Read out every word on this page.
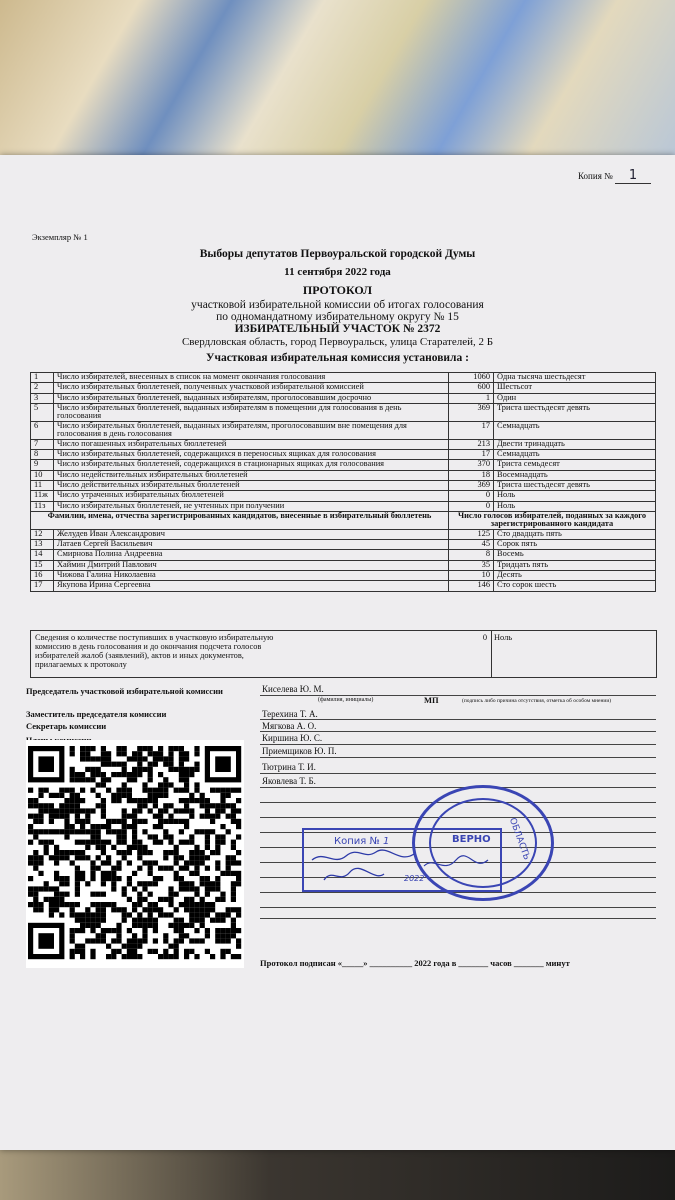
Копия № 1
Экземпляр № 1
Выборы депутатов Первоуральской городской Думы
11 сентября 2022 года
ПРОТОКОЛ
участковой избирательной комиссии об итогах голосования
по одномандатному избирательному округу № 15
ИЗБИРАТЕЛЬНЫЙ УЧАСТОК № 2372
Свердловская область, город Первоуральск, улица Старателей, 2 Б
Участковая избирательная комиссия установила :
1	Число избирателей, внесенных в список на момент окончания голосования	1060	Одна тысяча шестьдесят
2	Число избирательных бюллетеней, полученных участковой избирательной комиссией	600	Шестьсот
3	Число избирательных бюллетеней, выданных избирателям, проголосовавшим досрочно	1	Один
5	Число избирательных бюллетеней, выданных избирателям в помещении для голосования в день голосования	369	Триста шестьдесят девять
6	Число избирательных бюллетеней, выданных избирателям, проголосовавшим вне помещения для голосования в день голосования	17	Семнадцать
7	Число погашенных избирательных бюллетеней	213	Двести тринадцать
8	Число избирательных бюллетеней, содержащихся в переносных ящиках для голосования	17	Семнадцать
9	Число избирательных бюллетеней, содержащихся в стационарных ящиках для голосования	370	Триста семьдесят
10	Число недействительных избирательных бюллетеней	18	Восемнадцать
11	Число действительных избирательных бюллетеней	369	Триста шестьдесят девять
11ж	Число утраченных избирательных бюллетеней	0	Ноль
11з	Число избирательных бюллетеней, не учтенных при получении	0	Ноль
Фамилии, имена, отчества зарегистрированных кандидатов, внесенные в избирательный бюллетень		Число голосов избирателей, поданных за каждого зарегистрированного кандидата	
12	Желудев Иван Александрович	125	Сто двадцать пять
13	Латаев Сергей Васильевич	45	Сорок пять
14	Смирнова Полина Андреевна	8	Восемь
15	Хаймин Дмитрий Павлович	35	Тридцать пять
16	Чижова Галина Николаевна	10	Десять
17	Якупова Ирина Сергеевна	146	Сто сорок шесть
Сведения о количестве поступивших в участковую избирательную комиссию в день голосования и до окончания подсчета голосов избирателей жалоб (заявлений), актов и иных документов, прилагаемых к протоколу
0 Ноль
Председатель участковой избирательной комиссии	Киселева Ю. М.
(фамилия, инициалы)	МП	(подпись либо причина отсутствия, отметка об особом мнении)
Заместитель председателя комиссии
Секретарь комиссии
Терехина Т. А.
Мягкова А. О.
Киршина Ю. С.
Приемщиков Ю. П.
Тютрина Т. И.
Яковлева Т. Б.
ОБЛАСТЬ
Копия № 1	ВЕРНО
2022
Протокол подписан «_____» __________ 2022 года в _______ часов _______ минут
